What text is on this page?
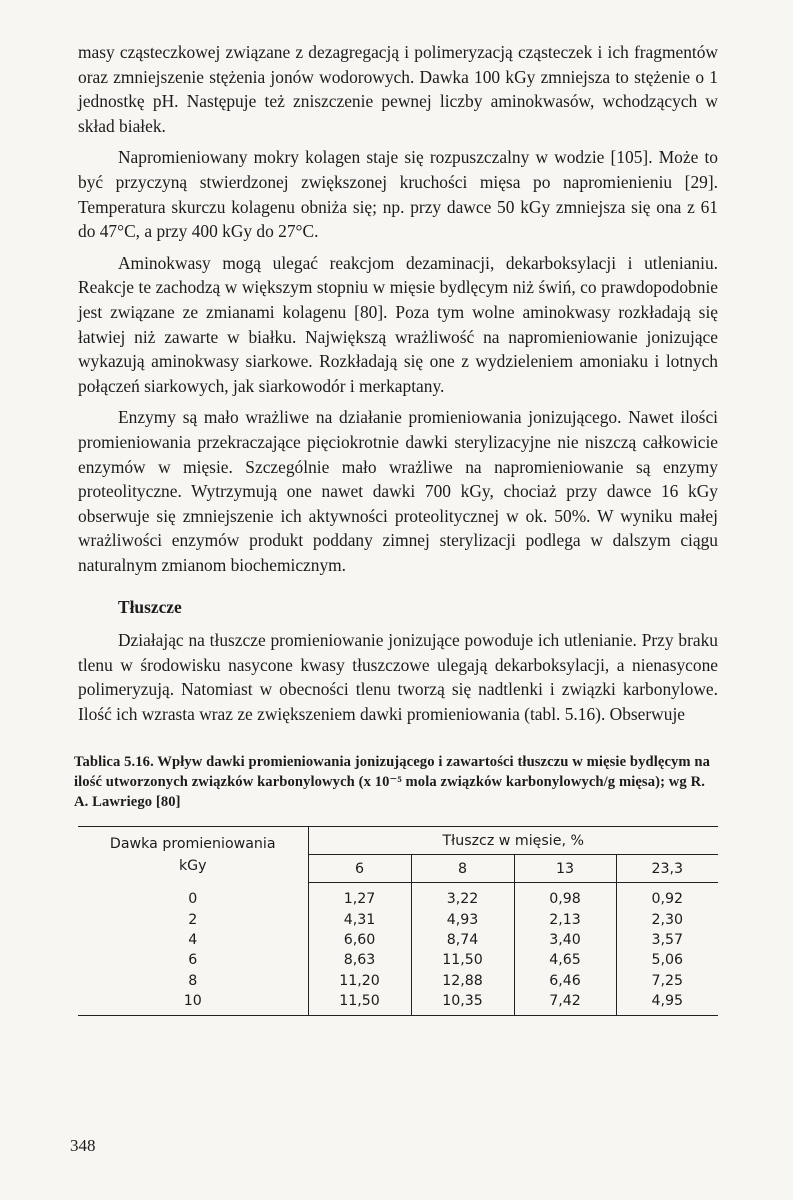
masy cząsteczkowej związane z dezagregacją i polimeryzacją cząsteczek i ich fragmentów oraz zmniejszenie stężenia jonów wodorowych. Dawka 100 kGy zmniejsza to stężenie o 1 jednostkę pH. Następuje też zniszczenie pewnej liczby aminokwasów, wchodzących w skład białek.

Napromieniowany mokry kolagen staje się rozpuszczalny w wodzie [105]. Może to być przyczyną stwierdzonej zwiększonej kruchości mięsa po napromienieniu [29]. Temperatura skurczu kolagenu obniża się; np. przy dawce 50 kGy zmniejsza się ona z 61 do 47°C, a przy 400 kGy do 27°C.

Aminokwasy mogą ulegać reakcjom dezaminacji, dekarboksylacji i utlenianiu. Reakcje te zachodzą w większym stopniu w mięsie bydlęcym niż świń, co prawdopodobnie jest związane ze zmianami kolagenu [80]. Poza tym wolne aminokwasy rozkładają się łatwiej niż zawarte w białku. Największą wrażliwość na napromieniowanie jonizujące wykazują aminokwasy siarkowe. Rozkładają się one z wydzieleniem amoniaku i lotnych połączeń siarkowych, jak siarkowodór i merkaptany.

Enzymy są mało wrażliwe na działanie promieniowania jonizującego. Nawet ilości promieniowania przekraczające pięciokrotnie dawki sterylizacyjne nie niszczą całkowicie enzymów w mięsie. Szczególnie mało wrażliwe na napromieniowanie są enzymy proteolityczne. Wytrzymują one nawet dawki 700 kGy, chociaż przy dawce 16 kGy obserwuje się zmniejszenie ich aktywności proteolitycznej w ok. 50%. W wyniku małej wrażliwości enzymów produkt poddany zimnej sterylizacji podlega w dalszym ciągu naturalnym zmianom biochemicznym.

Tłuszcze

Działając na tłuszcze promieniowanie jonizujące powoduje ich utlenianie. Przy braku tlenu w środowisku nasycone kwasy tłuszczowe ulegają dekarboksylacji, a nienasycone polimeryzują. Natomiast w obecności tlenu tworzą się nadtlenki i związki karbonylowe. Ilość ich wzrasta wraz ze zwiększeniem dawki promieniowania (tabl. 5.16). Obserwuje

Tablica 5.16. Wpływ dawki promieniowania jonizującego i zawartości tłuszczu w mięsie bydlęcym na ilość utworzonych związków karbonylowych (x 10⁻⁵ mola związków karbonylowych/g mięsa); wg R. A. Lawriego [80]
Dawka promieniowania
kGy	Tłuszcz w mięsie, %			
	6	8	13	23,3
0	1,27	3,22	0,98	0,92
2	4,31	4,93	2,13	2,30
4	6,60	8,74	3,40	3,57
6	8,63	11,50	4,65	5,06
8	11,20	12,88	6,46	7,25
10	11,50	10,35	7,42	4,95
348
